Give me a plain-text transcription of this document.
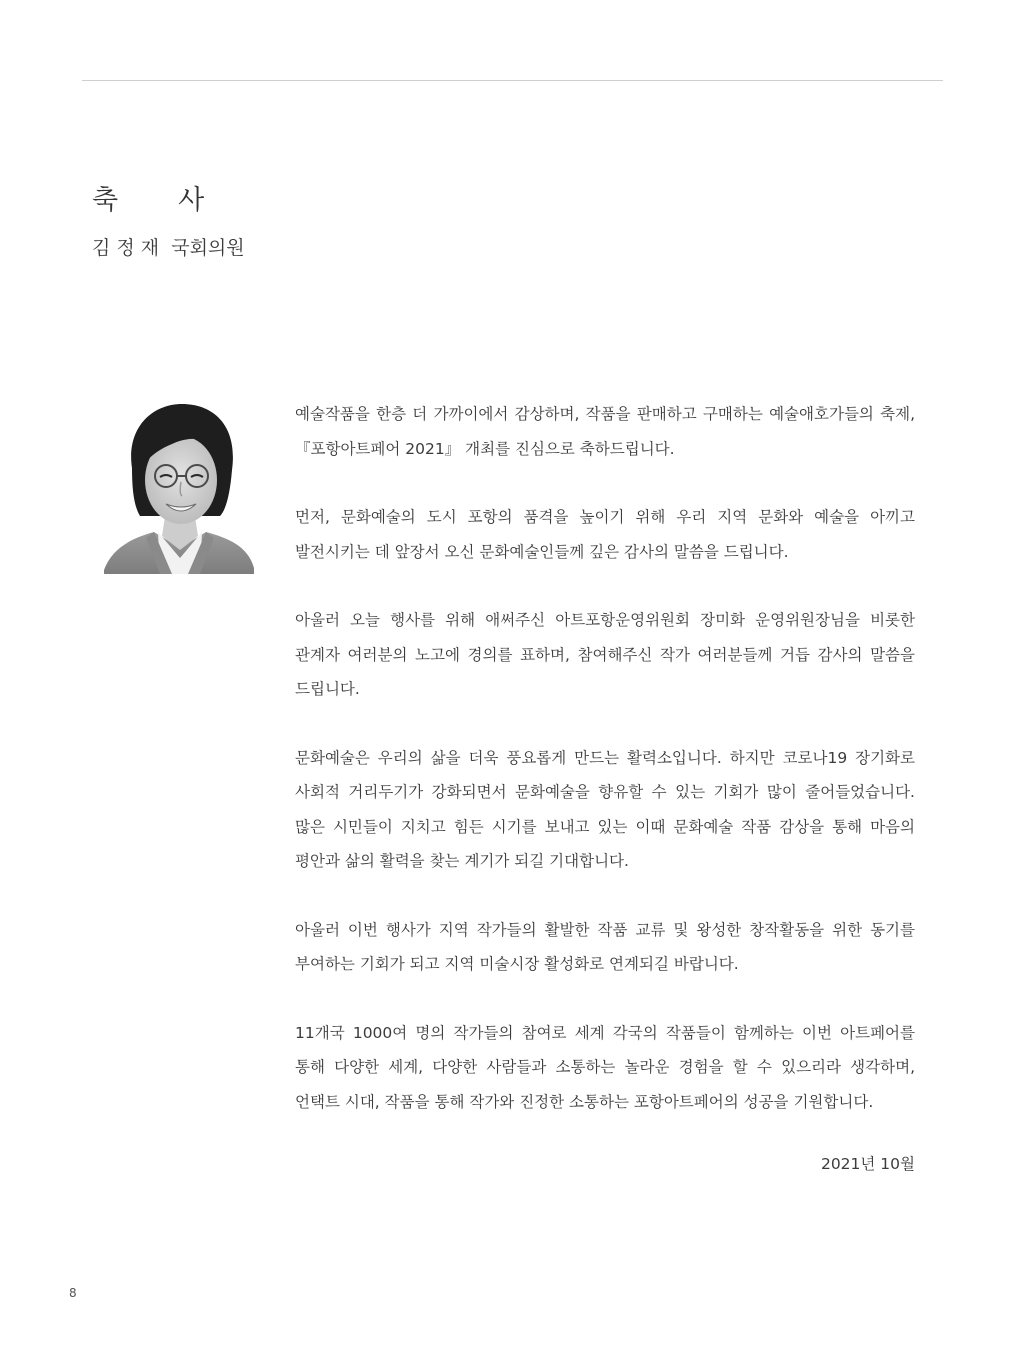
축       사
김 정 재  국회의원

예술작품을 한층 더 가까이에서 감상하며, 작품을 판매하고 구매하는 예술애호가들의 축제, 『포항아트페어 2021』 개최를 진심으로 축하드립니다.

먼저, 문화예술의 도시 포항의 품격을 높이기 위해 우리 지역 문화와 예술을 아끼고 발전시키는 데 앞장서 오신 문화예술인들께 깊은 감사의 말씀을 드립니다.

아울러 오늘 행사를 위해 애써주신 아트포항운영위원회 장미화 운영위원장님을 비롯한 관계자 여러분의 노고에 경의를 표하며, 참여해주신 작가 여러분들께 거듭 감사의 말씀을 드립니다.

문화예술은 우리의 삶을 더욱 풍요롭게 만드는 활력소입니다. 하지만 코로나19 장기화로 사회적 거리두기가 강화되면서 문화예술을 향유할 수 있는 기회가 많이 줄어들었습니다. 많은 시민들이 지치고 힘든 시기를 보내고 있는 이때 문화예술 작품 감상을 통해 마음의 평안과 삶의 활력을 찾는 계기가 되길 기대합니다.

아울러 이번 행사가 지역 작가들의 활발한 작품 교류 및 왕성한 창작활동을 위한 동기를 부여하는 기회가 되고 지역 미술시장 활성화로 연계되길 바랍니다.

11개국 1000여 명의 작가들의 참여로 세계 각국의 작품들이 함께하는 이번 아트페어를 통해 다양한 세계, 다양한 사람들과 소통하는 놀라운 경험을 할 수 있으리라 생각하며, 언택트 시대, 작품을 통해 작가와 진정한 소통하는 포항아트페어의 성공을 기원합니다.

2021년 10월
8
